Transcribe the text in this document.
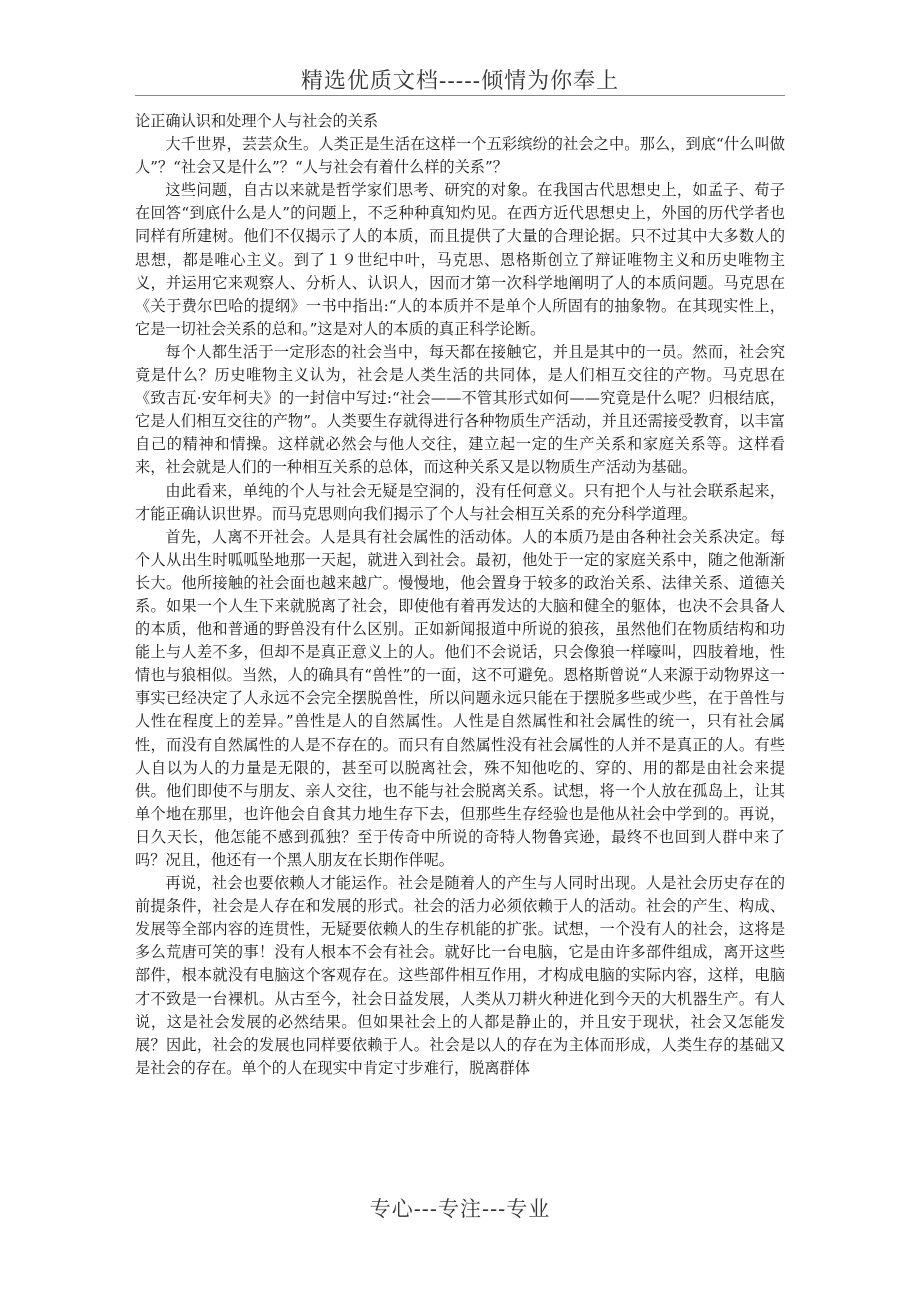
精选优质文档-----倾情为你奉上

论正确认识和处理个人与社会的关系

大千世界，芸芸众生。人类正是生活在这样一个五彩缤纷的社会之中。那么，到底“什么叫做人”？“社会又是什么”？“人与社会有着什么样的关系”？

这些问题，自古以来就是哲学家们思考、研究的对象。在我国古代思想史上，如孟子、荀子在回答“到底什么是人”的问题上，不乏种种真知灼见。在西方近代思想史上，外国的历代学者也同样有所建树。他们不仅揭示了人的本质，而且提供了大量的合理论据。只不过其中大多数人的思想，都是唯心主义。到了１９世纪中叶，马克思、恩格斯创立了辩证唯物主义和历史唯物主义，并运用它来观察人、分析人、认识人，因而才第一次科学地阐明了人的本质问题。马克思在《关于费尔巴哈的提纲》一书中指出:“人的本质并不是单个人所固有的抽象物。在其现实性上，它是一切社会关系的总和。”这是对人的本质的真正科学论断。

每个人都生活于一定形态的社会当中，每天都在接触它，并且是其中的一员。然而，社会究竟是什么？历史唯物主义认为，社会是人类生活的共同体，是人们相互交往的产物。马克思在《致吉瓦·安年柯夫》的一封信中写过:“社会——不管其形式如何——究竟是什么呢？归根结底，它是人们相互交往的产物”。人类要生存就得进行各种物质生产活动，并且还需接受教育，以丰富自己的精神和情操。这样就必然会与他人交往，建立起一定的生产关系和家庭关系等。这样看来，社会就是人们的一种相互关系的总体，而这种关系又是以物质生产活动为基础。

由此看来，单纯的个人与社会无疑是空洞的，没有任何意义。只有把个人与社会联系起来，才能正确认识世界。而马克思则向我们揭示了个人与社会相互关系的充分科学道理。

首先，人离不开社会。人是具有社会属性的活动体。人的本质乃是由各种社会关系决定。每个人从出生时呱呱坠地那一天起，就进入到社会。最初，他处于一定的家庭关系中，随之他渐渐长大。他所接触的社会面也越来越广。慢慢地，他会置身于较多的政治关系、法律关系、道德关系。如果一个人生下来就脱离了社会，即使他有着再发达的大脑和健全的躯体，也决不会具备人的本质，他和普通的野兽没有什么区别。正如新闻报道中所说的狼孩，虽然他们在物质结构和功能上与人差不多，但却不是真正意义上的人。他们不会说话，只会像狼一样嚎叫，四肢着地，性情也与狼相似。当然，人的确具有“兽性”的一面，这不可避免。恩格斯曾说“人来源于动物界这一事实已经决定了人永远不会完全摆脱兽性，所以问题永远只能在于摆脱多些或少些，在于兽性与人性在程度上的差异。”兽性是人的自然属性。人性是自然属性和社会属性的统一，只有社会属性，而没有自然属性的人是不存在的。而只有自然属性没有社会属性的人并不是真正的人。有些人自以为人的力量是无限的，甚至可以脱离社会，殊不知他吃的、穿的、用的都是由社会来提供。他们即使不与朋友、亲人交往，也不能与社会脱离关系。试想，将一个人放在孤岛上，让其单个地在那里，也许他会自食其力地生存下去，但那些生存经验也是他从社会中学到的。再说，日久天长，他怎能不感到孤独？至于传奇中所说的奇特人物鲁宾逊，最终不也回到人群中来了吗？况且，他还有一个黑人朋友在长期作伴呢。

再说，社会也要依赖人才能运作。社会是随着人的产生与人同时出现。人是社会历史存在的前提条件，社会是人存在和发展的形式。社会的活力必须依赖于人的活动。社会的产生、构成、发展等全部内容的连贯性，无疑要依赖人的生存机能的扩张。试想，一个没有人的社会，这将是多么荒唐可笑的事！没有人根本不会有社会。就好比一台电脑，它是由许多部件组成，离开这些部件，根本就没有电脑这个客观存在。这些部件相互作用，才构成电脑的实际内容，这样，电脑才不致是一台裸机。从古至今，社会日益发展，人类从刀耕火种进化到今天的大机器生产。有人说，这是社会发展的必然结果。但如果社会上的人都是静止的，并且安于现状，社会又怎能发展？因此，社会的发展也同样要依赖于人。社会是以人的存在为主体而形成，人类生存的基础又是社会的存在。单个的人在现实中肯定寸步难行，脱离群体

专心---专注---专业
